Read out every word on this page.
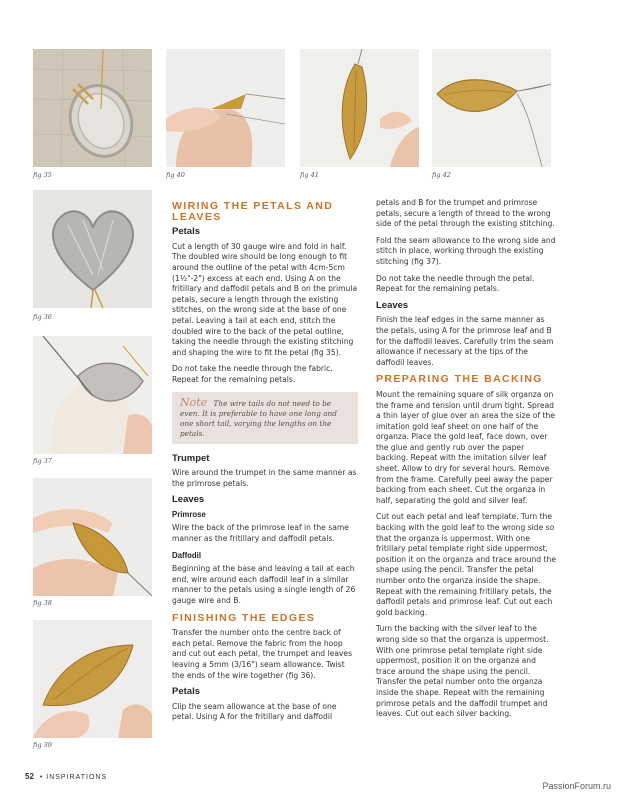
fig 35	fig 40	fig 41	fig 42
fig 36
fig 37
fig 38
fig 39
WIRING THE PETALS AND LEAVES
Petals

Cut a length of 30 gauge wire and fold in half. The doubled wire should be long enough to fit around the outline of the petal with 4cm-5cm (1½"-2") excess at each end. Using A on the fritillary and daffodil petals and B on the primula petals, secure a length through the existing stitches, on the wrong side at the base of one petal. Leaving a tail at each end, stitch the doubled wire to the back of the petal outline, taking the needle through the existing stitching and shaping the wire to fit the petal (fig 35).

Do not take the needle through the fabric. Repeat for the remaining petals.

Note The wire tails do not need to be even. It is preferable to have one long and one short tail, varying the lengths on the petals.
Trumpet

Wire around the trumpet in the same manner as the primrose petals.

Leaves
Primrose

Wire the back of the primrose leaf in the same manner as the fritillary and daffodil petals.

Daffodil

Beginning at the base and leaving a tail at each end, wire around each daffodil leaf in a similar manner to the petals using a single length of 26 gauge wire and B.

FINISHING THE EDGES

Transfer the number onto the centre back of each petal. Remove the fabric from the hoop and cut out each petal, the trumpet and leaves leaving a 5mm (3/16") seam allowance. Twist the ends of the wire together (fig 36).

Petals

Clip the seam allowance at the base of one petal. Using A for the fritillary and daffodil

petals and B for the trumpet and primrose petals, secure a length of thread to the wrong side of the petal through the existing stitching.

Fold the seam allowance to the wrong side and stitch in place, working through the existing stitching (fig 37).

Do not take the needle through the petal. Repeat for the remaining petals.

Leaves

Finish the leaf edges in the same manner as the petals, using A for the primrose leaf and B for the daffodil leaves. Carefully trim the seam allowance if necessary at the tips of the daffodil leaves.

PREPARING THE BACKING

Mount the remaining square of silk organza on the frame and tension until drum tight. Spread a thin layer of glue over an area the size of the imitation gold leaf sheet on one half of the organza. Place the gold leaf, face down, over the glue and gently rub over the paper backing. Repeat with the imitation silver leaf sheet. Allow to dry for several hours. Remove from the frame. Carefully peel away the paper backing from each sheet. Cut the organza in half, separating the gold and silver leaf.

Cut out each petal and leaf template. Turn the backing with the gold leaf to the wrong side so that the organza is uppermost. With one fritillary petal template right side uppermost, position it on the organza and trace around the shape using the pencil. Transfer the petal number onto the organza inside the shape. Repeat with the remaining fritillary petals, the daffodil petals and primrose leaf. Cut out each gold backing.

Turn the backing with the silver leaf to the wrong side so that the organza is uppermost. With one primrose petal template right side uppermost, position it on the organza and trace around the shape using the pencil. Transfer the petal number onto the organza inside the shape. Repeat with the remaining primrose petals and the daffodil trumpet and leaves. Cut out each silver backing.

52 • INSPIRATIONS
PassionForum.ru
